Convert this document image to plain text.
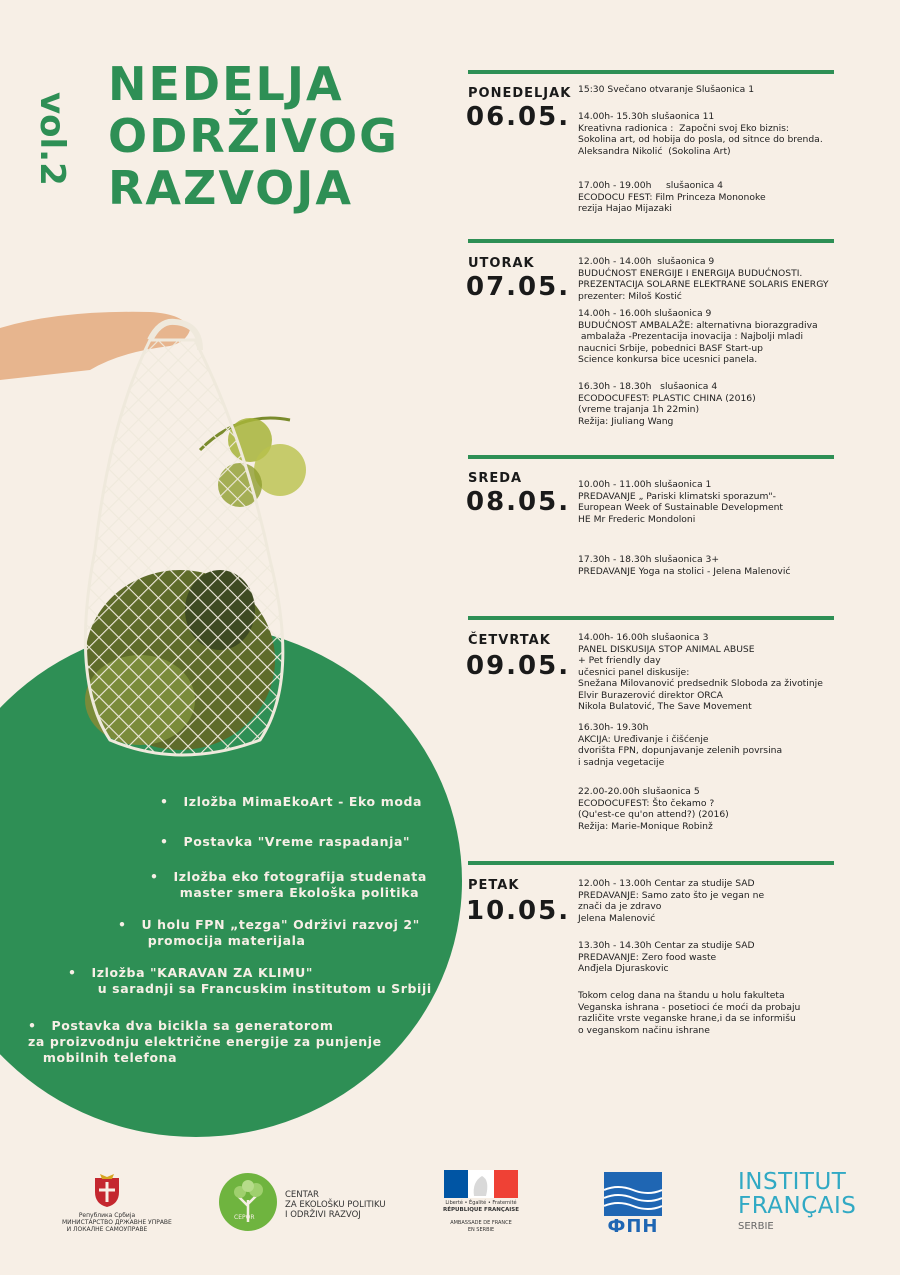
vol.2
NEDELJA
ODRŽIVOG
RAZVOJA
•   Izložba MimaEkoArt - Eko moda
•   Postavka "Vreme raspadanja"
•   Izložba eko fotografija studenata
master smera Ekološka politika
•   U holu FPN „tezga" Održivi razvoj 2"
promocija materijala
•   Izložba "KARAVAN ZA KLIMU"
u saradnji sa Francuskim institutom u Srbiji
•   Postavka dva bicikla sa generatorom
za proizvodnju električne energije za punjenje
mobilnih telefona
PONEDELJAK
06.05.
15:30 Svečano otvaranje Slušaonica 1
14.00h- 15.30h slušaonica 11
Kreativna radionica :  Započni svoj Eko biznis:
Sokolina art, od hobija do posla, od sitnce do brenda.
Aleksandra Nikolić  (Sokolina Art)
17.00h - 19.00h     slušaonica 4
ECODOCU FEST: Film Princeza Mononoke
rezija Hajao Mijazaki
UTORAK
07.05.
12.00h - 14.00h  slušaonica 9
BUDUĆNOST ENERGIJE I ENERGIJA BUDUĆNOSTI.
PREZENTACIJA SOLARNE ELEKTRANE SOLARIS ENERGY
prezenter: Miloš Kostić
14.00h - 16.00h slušaonica 9
BUDUĆNOST AMBALAŽE: alternativna biorazgradiva
ambalaža -Prezentacija inovacija : Najbolji mladi
naucnici Srbije, pobednici BASF Start-up
Science konkursa bice ucesnici panela.
16.30h - 18.30h   slušaonica 4
ECODOCUFEST: PLASTIC CHINA (2016)
(vreme trajanja 1h 22min)
Režija: Jiuliang Wang
SREDA
08.05.
10.00h - 11.00h slušaonica 1
PREDAVANJE „ Pariski klimatski sporazum"-
European Week of Sustainable Development
HE Mr Frederic Mondoloni
17.30h - 18.30h slušaonica 3+
PREDAVANJE Yoga na stolici - Jelena Malenović
ČETVRTAK
09.05.
14.00h- 16.00h slušaonica 3
PANEL DISKUSIJA STOP ANIMAL ABUSE
+ Pet friendly day
učesnici panel diskusije:
Snežana Milovanović predsednik Sloboda za životinje
Elvir Burazerović direktor ORCA
Nikola Bulatović, The Save Movement
16.30h- 19.30h
AKCIJA: Uređivanje i čišćenje
dvorišta FPN, dopunjavanje zelenih povrsina
i sadnja vegetacije
22.00-20.00h slušaonica 5
ECODOCUFEST: Što čekamo ?
(Qu'est-ce qu'on attend?) (2016)
Režija: Marie-Monique Robinž
PETAK
10.05.
12.00h - 13.00h Centar za studije SAD
PREDAVANJE: Samo zato što je vegan ne
znači da je zdravo
Jelena Malenović
13.30h - 14.30h Centar za studije SAD
PREDAVANJE: Zero food waste
Anđjela Djuraskovic
Tokom celog dana na štandu u holu fakulteta
Veganska ishrana - posetioci će moći da probaju
različite vrste veganske hrane,i da se informišu
o veganskom načinu ishrane
Република Србија
МИНИСТАРСТВО ДРЖАВНЕ УПРАВЕ
И ЛОКАЛНЕ САМОУПРАВЕ
CEPOR
CENTAR
ZA EKOLOŠKU POLITIKU
I ODRŽIVI RAZVOJ
Liberté • Égalité • Fraternité
RÉPUBLIQUE FRANÇAISE
AMBASSADE DE FRANCE
EN SERBIE	ФПН
INSTITUT
FRANÇAIS
SERBIE
